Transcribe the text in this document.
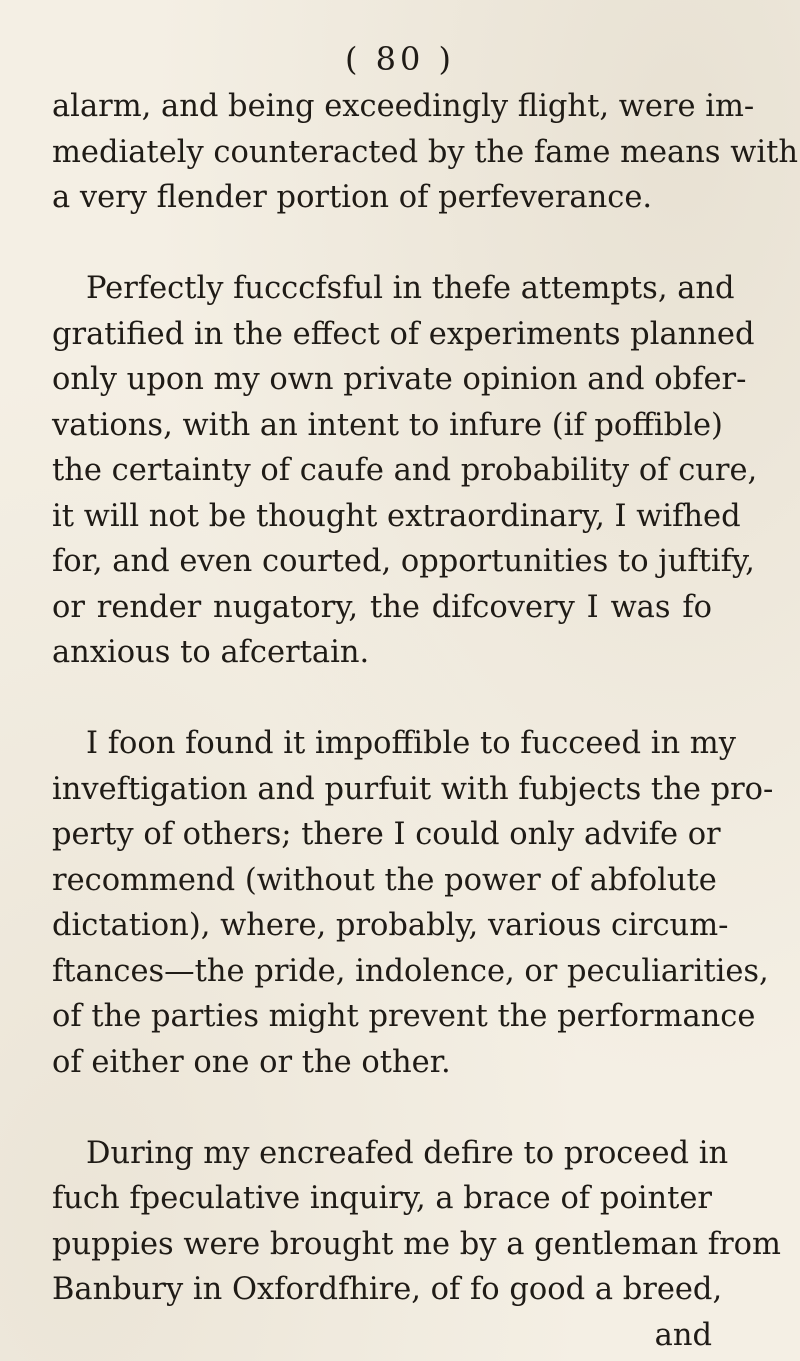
( 80 )
alarm, and being exceedingly flight, were im-
mediately counteracted by the fame means with
a very flender portion of perfeverance.
Perfectly fucccfsful in thefe attempts, and
gratified in the effect of experiments planned
only upon my own private opinion and obfer-
vations, with an intent to infure (if poffible)
the certainty of caufe and probability of cure,
it will not be thought extraordinary, I wifhed
for, and even courted, opportunities to juftify,
or render nugatory, the difcovery I was fo
anxious to afcertain.
I foon found it impoffible to fucceed in my
inveftigation and purfuit with fubjects the pro-
perty of others; there I could only advife or
recommend (without the power of abfolute
dictation), where, probably, various circum-
ftances—the pride, indolence, or peculiarities,
of the parties might prevent the performance
of either one or the other.
During my encreafed defire to proceed in
fuch fpeculative inquiry, a brace of pointer
puppies were brought me by a gentleman from
Banbury in Oxfordfhire, of fo good a breed,
and
